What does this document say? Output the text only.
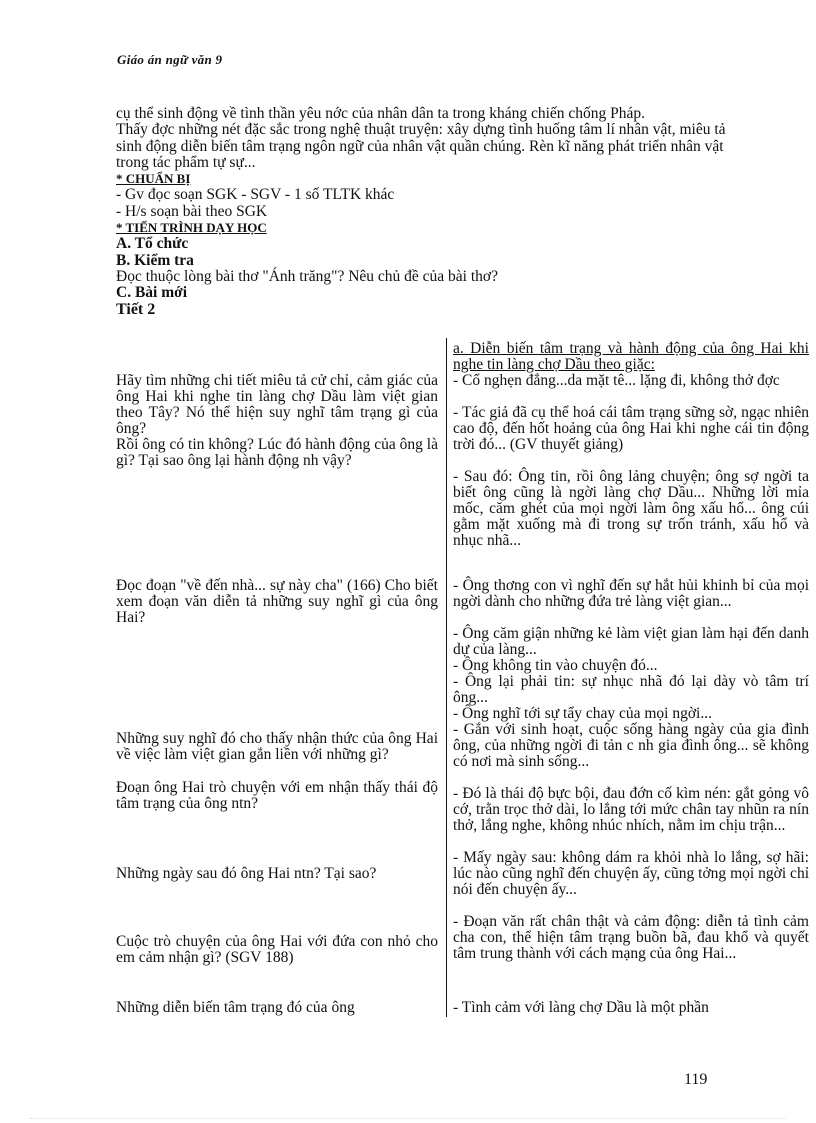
Giáo án ngữ văn 9

cụ thể sinh động về tình thần yêu nớc của nhân dân ta trong kháng chiến chống Pháp.

Thấy đợc những nét đặc sắc trong nghệ thuật truyện: xây dựng tình huống tâm lí nhân vật, miêu tả sinh động diễn biến tâm trạng ngôn ngữ của nhân vật quần chúng. Rèn kĩ năng phát triển nhân vật trong tác phẩm tự sự...

* CHUẨN BỊ
- Gv đọc soạn SGK - SGV - 1 số TLTK khác
- H/s soạn bài theo SGK
* TIẾN TRÌNH DẠY HỌC
A. Tổ chức
B. Kiểm tra
Đọc thuộc lòng bài thơ "Ánh trăng"? Nêu chủ đề của bài thơ?
C. Bài mới
Tiết 2
Hãy tìm những chi tiết miêu tả cử chỉ, cảm giác của ông Hai khi nghe tin làng chợ Dầu làm việt gian theo Tây? Nó thể hiện suy nghĩ tâm trạng gì của ông?
Rồi ông có tin không? Lúc đó hành động của ông là gì? Tại sao ông lại hành động nh vậy?
Đọc đoạn "về đến nhà... sự này cha" (166) Cho biết xem đoạn văn diễn tả những suy nghĩ gì của ông Hai?
Những suy nghĩ đó cho thấy nhận thức của ông Hai về việc làm việt gian gắn liền với những gì?
Đoạn ông Hai trò chuyện với em nhận thấy thái độ tâm trạng của ông ntn?
Những ngày sau đó ông Hai ntn? Tại sao?
Cuộc trò chuyện của ông Hai với đứa con nhỏ cho em cảm nhận gì? (SGV 188)
Những diễn biến tâm trạng đó của ông
a. Diễn biến tâm trạng và hành động của ông Hai khi nghe tin làng chợ Dầu theo giặc:
- Cổ nghẹn đắng...da mặt tê... lặng đi, không thở đợc
- Tác giả đã cụ thể hoá cái tâm trạng sững sờ, ngạc nhiên cao độ, đến hốt hoảng của ông Hai khi nghe cái tin động trời đó... (GV thuyết giảng)
- Sau đó: Ông tin, rồi ông lảng chuyện; ông sợ ngời ta biết ông cũng là ngời làng chợ Dầu... Những lời mỉa mốc, căm ghét của mọi ngời làm ông xấu hổ... ông cúi gằm mặt xuống mà đi trong sự trốn tránh, xấu hổ và nhục nhã...
- Ông thơng con vì nghĩ đến sự hắt hủi khinh bỉ của mọi ngời dành cho những đứa trẻ làng việt gian...
- Ông căm giận những kẻ làm việt gian làm hại đến danh dự của làng...
- Ông không tin vào chuyện đó...
- Ông lại phải tin: sự nhục nhã đó lại dày vò tâm trí ông...
- Ông nghĩ tới sự tẩy chay của mọi ngời...
- Gắn với sinh hoạt, cuộc sống hàng ngày của gia đình ông, của những ngời đi tản c nh gia đình ông... sẽ không có nơi mà sinh sống...
- Đó là thái độ bực bội, đau đớn cố kìm nén: gắt gỏng vô cớ, trằn trọc thở dài, lo lắng tới mức chân tay nhũn ra nín thở, lắng nghe, không nhúc nhích, nằm im chịu trận...
- Mấy ngày sau: không dám ra khỏi nhà lo lắng, sợ hãi: lúc nào cũng nghĩ đến chuyện ấy, cũng tởng mọi ngời chỉ nói đến chuyện ấy...
- Đoạn văn rất chân thật và cảm động: diễn tả tình cảm cha con, thể hiện tâm trạng buồn bã, đau khổ và quyết tâm trung thành với cách mạng của ông Hai...
- Tình cảm với làng chợ Dầu là một phần
119
